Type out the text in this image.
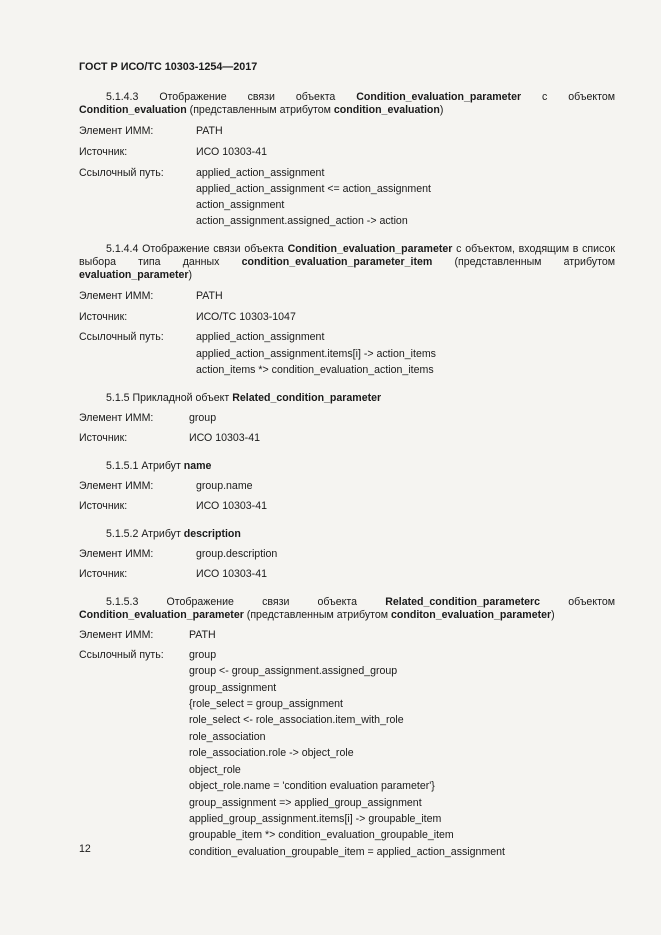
ГОСТ Р ИСО/ТС 10303-1254—2017
5.1.4.3 Отображение связи объекта Condition_evaluation_parameter с объектом Condition_evaluation (представленным атрибутом condition_evaluation)
Элемент ИММ:	PATH
Источник:	ИСО 10303-41
Ссылочный путь:	applied_action_assignment
applied_action_assignment <= action_assignment
action_assignment
action_assignment.assigned_action -> action
5.1.4.4 Отображение связи объекта Condition_evaluation_parameter с объектом, входящим в список выбора типа данных condition_evaluation_parameter_item (представленным атрибутом evaluation_parameter)
Элемент ИММ:	PATH
Источник:	ИСО/ТС 10303-1047
Ссылочный путь:	applied_action_assignment
applied_action_assignment.items[i] -> action_items
action_items *> condition_evaluation_action_items
5.1.5 Прикладной объект Related_condition_parameter
Элемент ИММ:	group
Источник:	ИСО 10303-41
5.1.5.1 Атрибут name
Элемент ИММ:	group.name
Источник:	ИСО 10303-41
5.1.5.2 Атрибут description
Элемент ИММ:	group.description
Источник:	ИСО 10303-41
5.1.5.3 Отображение связи объекта Related_condition_parameterс объектом Condition_evaluation_parameter (представленным атрибутом conditon_evaluation_parameter)
Элемент ИММ:	PATH
Ссылочный путь: group
group <- group_assignment.assigned_group
group_assignment
{role_select = group_assignment
role_select <- role_association.item_with_role
role_association
role_association.role -> object_role
object_role
object_role.name = 'condition evaluation parameter'}
group_assignment => applied_group_assignment
applied_group_assignment.items[i] -> groupable_item
groupable_item *> condition_evaluation_groupable_item
condition_evaluation_groupable_item = applied_action_assignment
12
